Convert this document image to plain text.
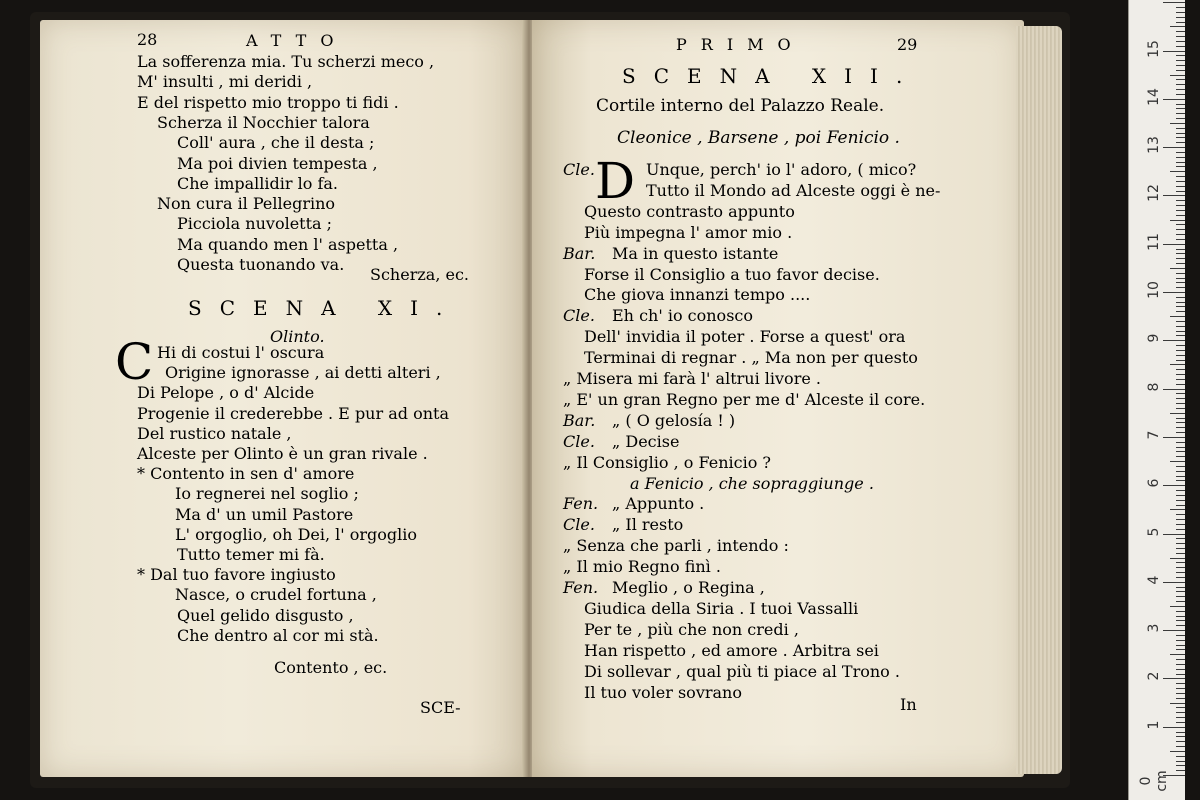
28	ATTO
La sofferenza mia. Tu scherzi meco ,
M' insulti , mi deridi ,
E del rispetto mio troppo ti fidi .
Scherza il Nocchier talora
Coll' aura , che il desta ;
Ma poi divien tempesta ,
Che impallidir lo fa.
Non cura il Pellegrino
Picciola nuvoletta ;
Ma quando men l' aspetta ,
Questa tuonando va.
Scherza, ec.
SCENA XI.
Olinto.
C Hi di costui l' oscura
Origine ignorasse , ai detti alteri ,
Di Pelope , o d' Alcide
Progenie il crederebbe . E pur ad onta
Del rustico natale ,
Alceste per Olinto è un gran rivale .
* Contento in sen d' amore
Io regnerei nel soglio ;
Ma d' un umil Pastore
L' orgoglio, oh Dei, l' orgoglio
Tutto temer mi fà.
* Dal tuo favore ingiusto
Nasce, o crudel fortuna ,
Quel gelido disgusto ,
Che dentro al cor mi stà.
Contento , ec.
SCE-
PRIMO	29
SCENA XII.
Cortile interno del Palazzo Reale.
Cleonice , Barsene , poi Fenicio .
D
Cle.	Unque, perch' io l' adoro, ( mico?
Tutto il Mondo ad Alceste oggi è ne-
Questo contrasto appunto
Più impegna l' amor mio .
Bar. Ma in questo istante
Forse il Consiglio a tuo favor decise.
Che giova innanzi tempo ....
Cle. Eh ch' io conosco
Dell' invidia il poter . Forse a quest' ora
Terminai di regnar . „ Ma non per questo
„ Misera mi farà l' altrui livore .
„ E' un gran Regno per me d' Alceste il core.
Bar. „ ( O gelosía ! )
Cle. „ Decise
„ Il Consiglio , o Fenicio ?
a Fenicio , che sopraggiunge .
Fen. „ Appunto .
Cle. „ Il resto
„ Senza che parli , intendo :
„ Il mio Regno finì .
Fen. Meglio , o Regina ,
Giudica della Siria . I tuoi Vassalli
Per te , più che non credi ,
Han rispetto , ed amore . Arbitra sei
Di sollevar , qual più ti piace al Trono .
Il tuo voler sovrano
In
0 cm
1
2
3
4
5
6
7
8
9
10
11
12
13
14
15
